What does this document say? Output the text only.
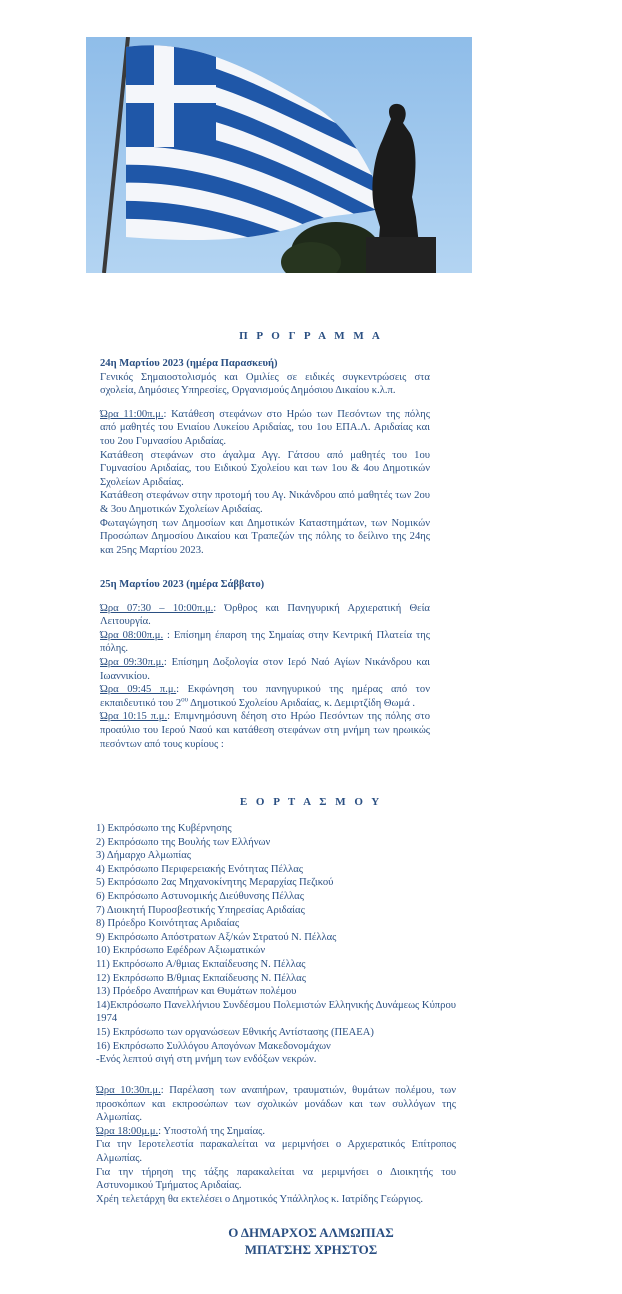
Π Ρ Ο Γ Ρ Α Μ Μ Α

24η Μαρτίου 2023 (ημέρα Παρασκευή)

Γενικός Σημαιοστολισμός και Ομιλίες σε ειδικές συγκεντρώσεις στα σχολεία, Δημόσιες Υπηρεσίες, Οργανισμούς Δημόσιου Δικαίου κ.λ.π.

Ώρα 11:00π.μ.: Κατάθεση στεφάνων στο Ηρώο των Πεσόντων της πόλης από μαθητές του Ενιαίου Λυκείου Αριδαίας, του 1ου ΕΠΑ.Λ. Αριδαίας και του 2ου Γυμνασίου Αριδαίας.

Κατάθεση στεφάνων στο άγαλμα Αγγ. Γάτσου από μαθητές του 1ου Γυμνασίου Αριδαίας, του Ειδικού Σχολείου και των 1ου & 4ου Δημοτικών Σχολείων Αριδαίας.

Κατάθεση στεφάνων στην προτομή του Αγ. Νικάνδρου από μαθητές των 2ου & 3ου Δημοτικών Σχολείων Αριδαίας.

Φωταγώγηση των Δημοσίων και Δημοτικών Καταστημάτων, των Νομικών Προσώπων Δημοσίου Δικαίου και Τραπεζών της πόλης το δείλινο της 24ης και 25ης Μαρτίου 2023.

25η Μαρτίου 2023 (ημέρα Σάββατο)

Ώρα 07:30 – 10:00π.μ.: Όρθρος και Πανηγυρική Αρχιερατική Θεία Λειτουργία.

Ώρα 08:00π.μ. : Επίσημη έπαρση της Σημαίας στην Κεντρική Πλατεία της πόλης.

Ώρα 09:30π.μ.: Επίσημη Δοξολογία στον Ιερό Ναό Αγίων Νικάνδρου και Ιωαννικίου.

Ώρα 09:45 π.μ.: Εκφώνηση του πανηγυρικού της ημέρας από τον εκπαιδευτικό του $2^{o\upsilon}$ Δημοτικού Σχολείου Αριδαίας, κ. Δεμιρτζίδη Θωμά .

Ώρα 10:15 π.μ.: Επιμνημόσυνη δέηση στο Ηρώο Πεσόντων της πόλης στο προαύλιο του Ιερού Ναού και κατάθεση στεφάνων στη μνήμη των ηρωικώς πεσόντων από τους κυρίους :

Ε Ο Ρ Τ Α Σ Μ Ο Υ

1) Εκπρόσωπο της Κυβέρνησης

2) Εκπρόσωπο της Βουλής των Ελλήνων

3) Δήμαρχο Αλμωπίας

4) Εκπρόσωπο Περιφερειακής Ενότητας Πέλλας

5) Εκπρόσωπο 2ας Μηχανοκίνητης Μεραρχίας Πεζικού

6) Εκπρόσωπο Αστυνομικής Διεύθυνσης Πέλλας

7) Διοικητή Πυροσβεστικής Υπηρεσίας Αριδαίας

8) Πρόεδρο Κοινότητας Αριδαίας

9) Εκπρόσωπο Απόστρατων Αξ/κών Στρατού Ν. Πέλλας

10) Εκπρόσωπο Εφέδρων Αξιωματικών

11) Εκπρόσωπο Α/θμιας Εκπαίδευσης Ν. Πέλλας

12) Εκπρόσωπο Β/θμιας Εκπαίδευσης Ν. Πέλλας

13) Πρόεδρο Αναπήρων και Θυμάτων πολέμου

14)Εκπρόσωπο Πανελλήνιου Συνδέσμου Πολεμιστών Ελληνικής Δυνάμεως Κύπρου 1974

15) Εκπρόσωπο των οργανώσεων Εθνικής Αντίστασης (ΠΕΑΕΑ)

16) Εκπρόσωπο Συλλόγου Απογόνων Μακεδονομάχων

-Ενός λεπτού σιγή στη μνήμη των ενδόξων νεκρών.

Ώρα 10:30π.μ.: Παρέλαση των αναπήρων, τραυματιών, θυμάτων πολέμου, των προσκόπων και εκπροσώπων των σχολικών μονάδων και των συλλόγων της Αλμωπίας.

Ώρα 18:00μ.μ.: Υποστολή της Σημαίας.

Για την Ιεροτελεστία παρακαλείται να μεριμνήσει ο Αρχιερατικός Επίτροπος Αλμωπίας.

Για την τήρηση της τάξης παρακαλείται να μεριμνήσει ο Διοικητής του Αστυνομικού Τμήματος Αριδαίας.

Χρέη τελετάρχη θα εκτελέσει ο Δημοτικός Υπάλληλος κ. Ιατρίδης Γεώργιος.

Ο ΔΗΜΑΡΧΟΣ ΑΛΜΩΠΙΑΣ
ΜΠΑΤΣΗΣ ΧΡΗΣΤΟΣ
